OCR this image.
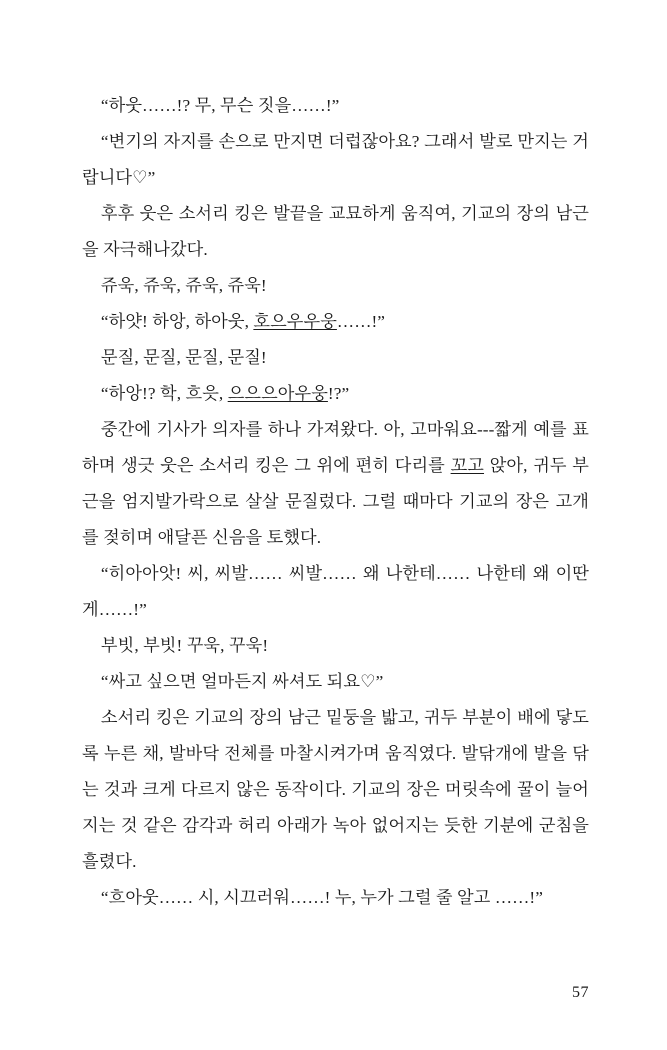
“하웃……!? 무, 무슨 짓을……!”

“변기의 자지를 손으로 만지면 더럽잖아요? 그래서 발로 만지는 거랍니다♡”

후후 웃은 소서리 킹은 발끝을 교묘하게 움직여, 기교의 장의 남근을 자극해나갔다.

쥬욱, 쥬욱, 쥬욱, 쥬욱!

“하얏! 하앙, 하아웃, 호으우우웅……!”

문질, 문질, 문질, 문질!

“하앙!? 학, 흐읏, 으으으아우웅!?”

중간에 기사가 의자를 하나 가져왔다. 아, 고마워요---짧게 예를 표하며 생긋 웃은 소서리 킹은 그 위에 편히 다리를 꼬고 앉아, 귀두 부근을 엄지발가락으로 살살 문질렀다. 그럴 때마다 기교의 장은 고개를 젖히며 애달픈 신음을 토했다.

“히아아앗! 씨, 씨발…… 씨발…… 왜 나한테…… 나한테 왜 이딴 게……!”

부빗, 부빗! 꾸욱, 꾸욱!

“싸고 싶으면 얼마든지 싸셔도 되요♡”

소서리 킹은 기교의 장의 남근 밑둥을 밟고, 귀두 부분이 배에 닿도록 누른 채, 발바닥 전체를 마찰시켜가며 움직였다. 발닦개에 발을 닦는 것과 크게 다르지 않은 동작이다. 기교의 장은 머릿속에 꿀이 늘어지는 것 같은 감각과 허리 아래가 녹아 없어지는 듯한 기분에 군침을 흘렸다.

“흐아웃…… 시, 시끄러워……! 누, 누가 그럴 줄 알고 ……!”

57
